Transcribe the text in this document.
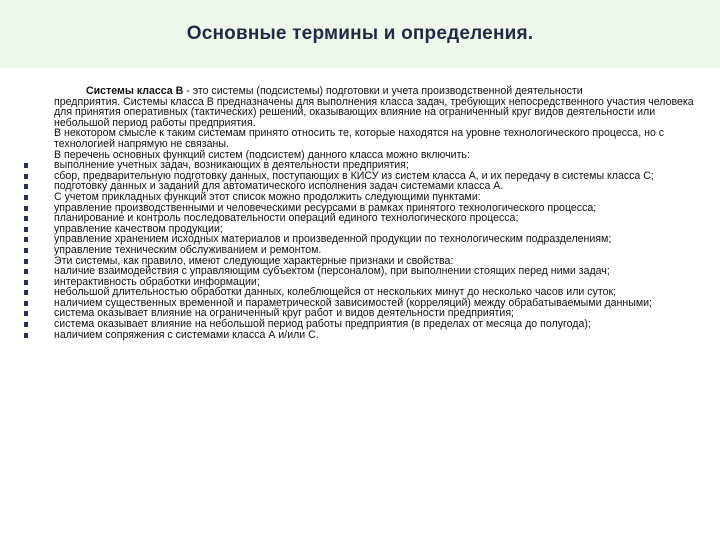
Основные термины и определения.

Системы класса В - это системы (подсистемы) подготовки и учета производственной деятельности

предприятия. Системы класса В предназначены для выполнения класса задач, требующих непосредственного участия человека для принятия оперативных (тактических) решений, оказывающих влияние на ограниченный круг видов деятельности или небольшой период работы предприятия.

В некотором смысле к таким системам принято относить те, которые находятся на уровне технологического процесса, но с технологией напрямую не связаны.

В перечень основных функций систем (подсистем) данного класса можно включить:

выполнение учетных задач, возникающих в деятельности предприятия;
сбор, предварительную подготовку данных, поступающих в КИСУ из систем класса А, и их передачу в системы класса С;
подготовку данных и заданий для автоматического исполнения задач системами класса А.
С учетом прикладных функций этот список можно продолжить следующими пунктами:
управление производственными и человеческими ресурсами в рамках принятого технологического процесса;
планирование и контроль последовательности операций единого технологического процесса;
управление качеством продукции;
управление хранением исходных материалов и произведенной продукции по технологическим подразделениям;
управление техническим обслуживанием и ремонтом.
Эти системы, как правило, имеют следующие характерные признаки и свойства:
наличие взаимодействия с управляющим субъектом (персоналом), при выполнении стоящих перед ними задач;
интерактивность обработки информации;
небольшой длительностью обработки данных, колеблющейся от нескольких минут до несколько часов или суток;
наличием существенных временной и параметрической зависимостей (корреляций) между обрабатываемыми данными;
система оказывает влияние на ограниченный круг работ и видов деятельности предприятия;
система оказывает влияние на небольшой период работы предприятия (в пределах от месяца до полугода);
наличием сопряжения с системами класса А и/или С.
